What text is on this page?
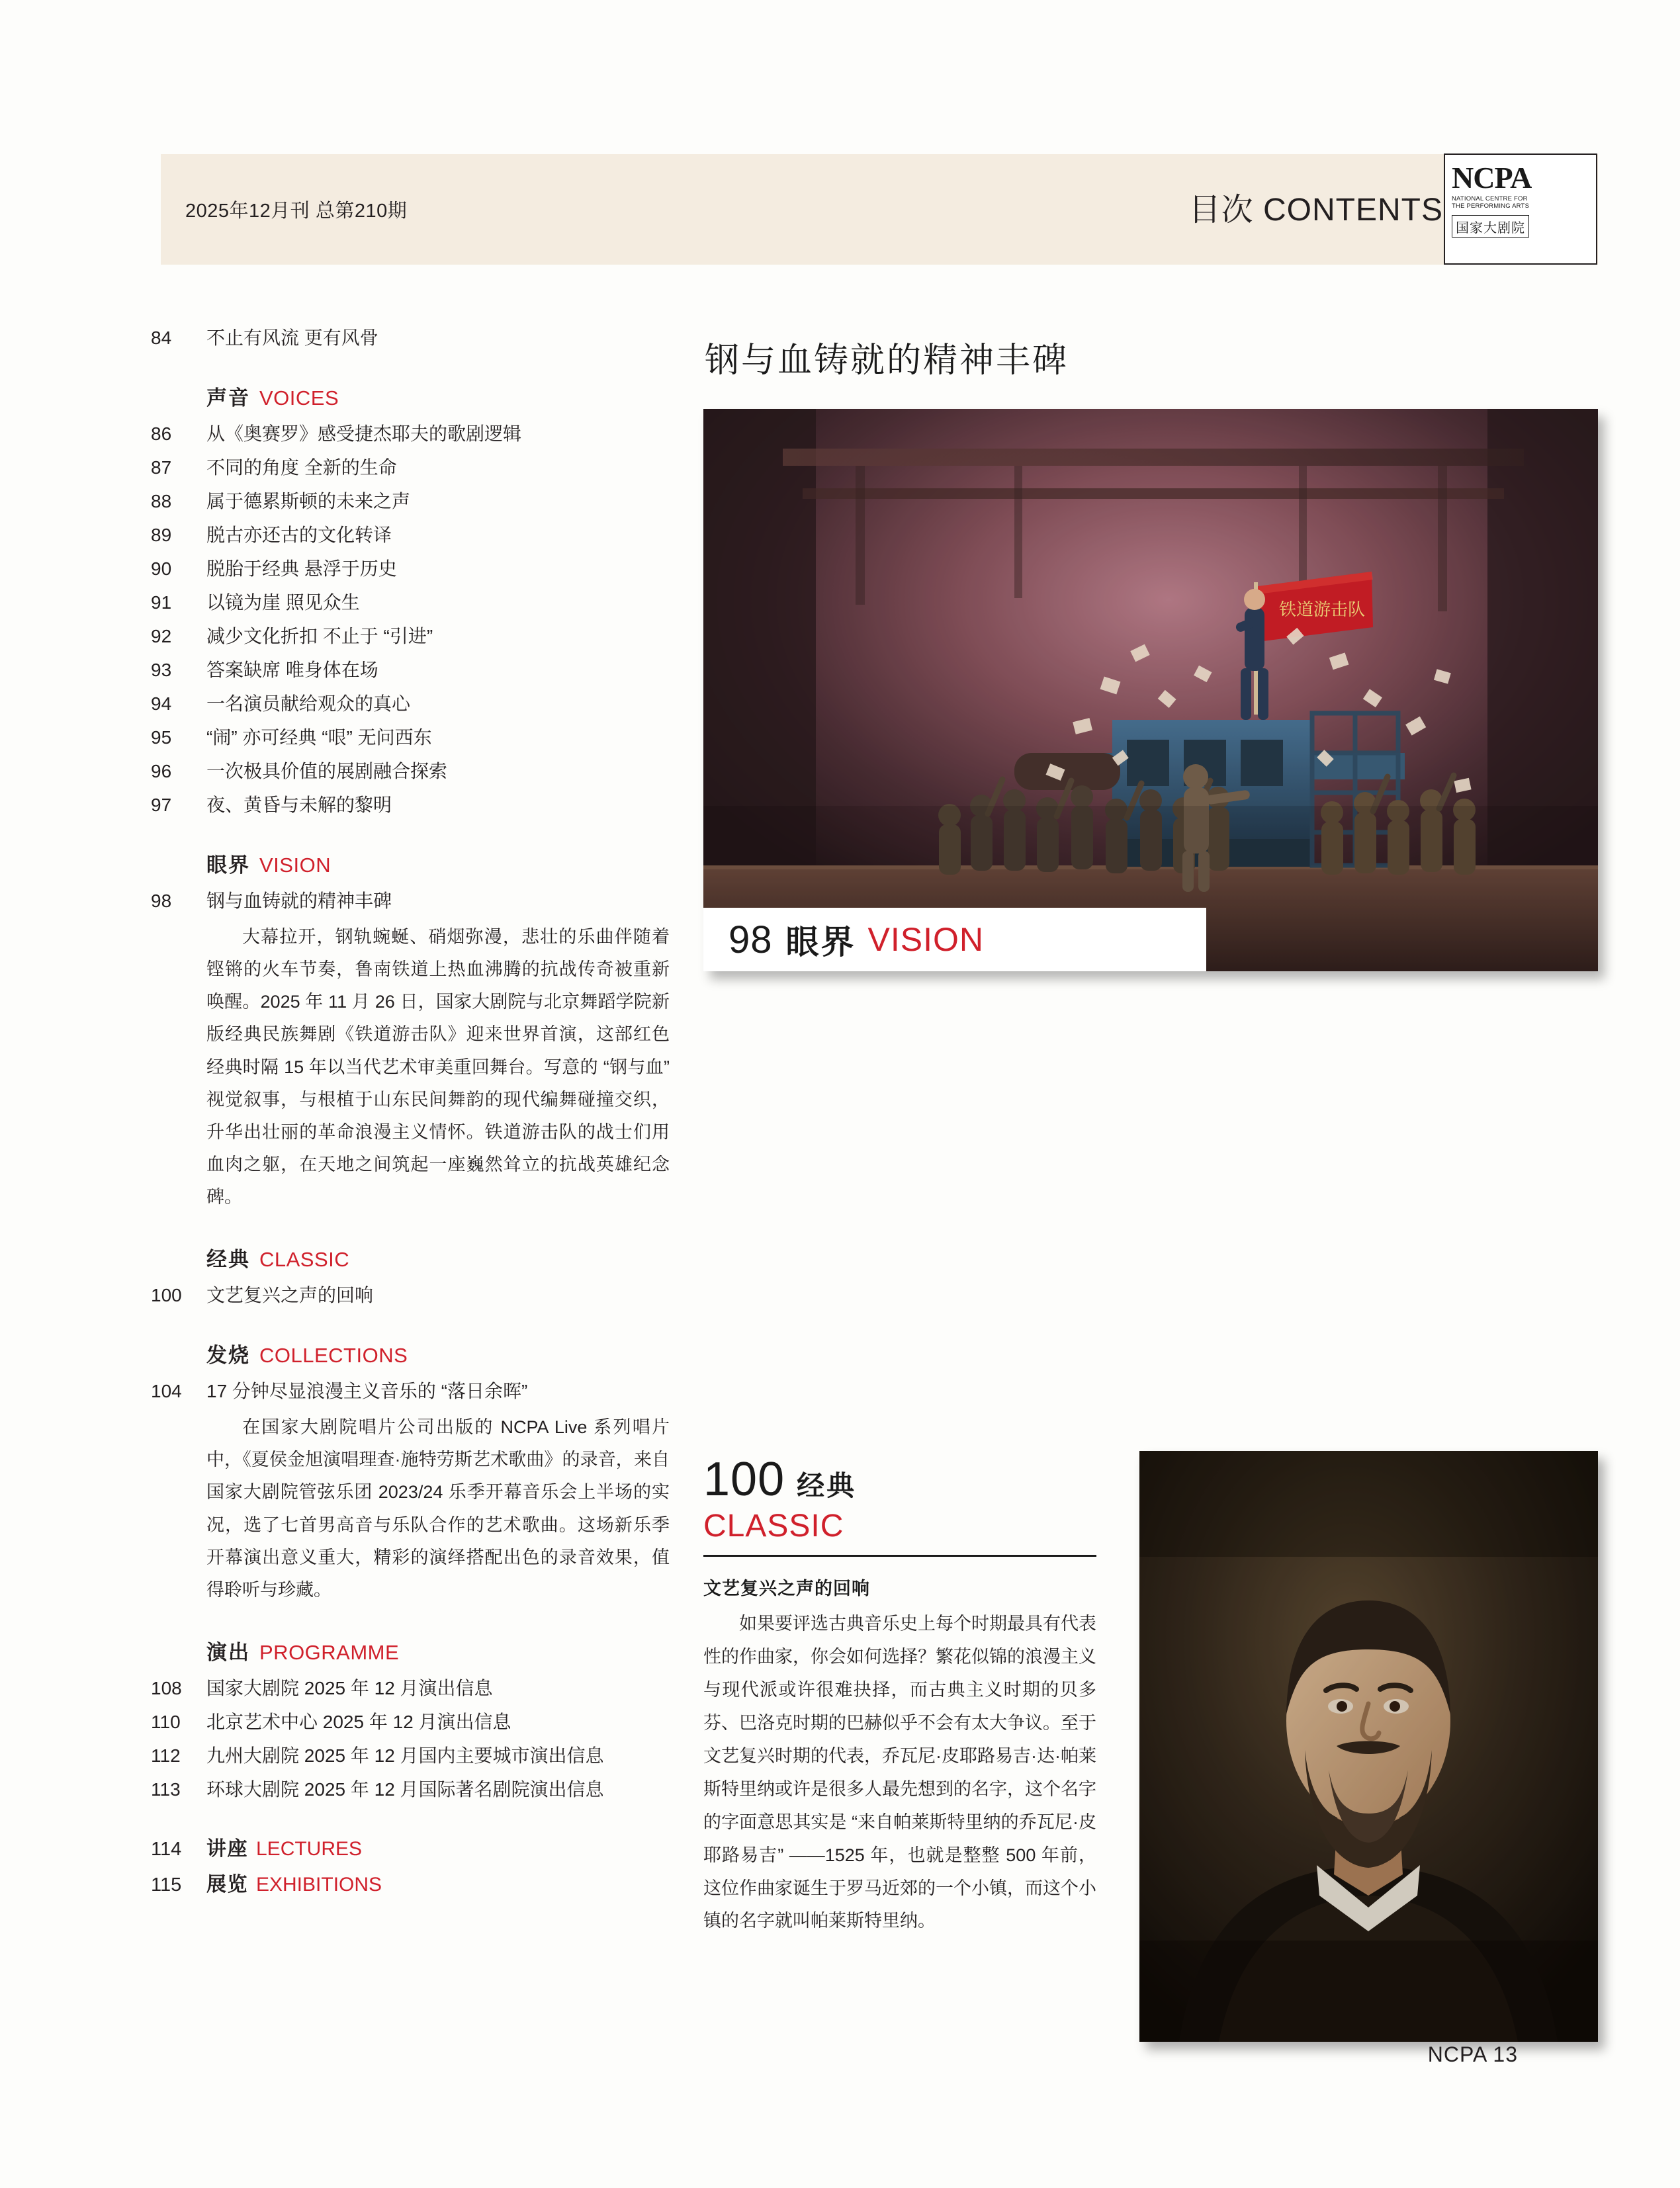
2025年12月刊 总第210期	目次 CONTENTS
NCPA
NATIONAL CENTRE FOR
THE PERFORMING ARTS
国家大剧院
84	不止有风流 更有风骨
声音 VOICES
86	从《奥赛罗》感受捷杰耶夫的歌剧逻辑
87	不同的角度 全新的生命
88	属于德累斯顿的未来之声
89	脱古亦还古的文化转译
90	脱胎于经典 悬浮于历史
91	以镜为崖 照见众生
92	减少文化折扣 不止于 “引进”
93	答案缺席 唯身体在场
94	一名演员献给观众的真心
95	“闹” 亦可经典 “哏” 无问西东
96	一次极具价值的展剧融合探索
97	夜、黄昏与未解的黎明
眼界 VISION
98	钢与血铸就的精神丰碑
大幕拉开，钢轨蜿蜒、硝烟弥漫，悲壮的乐曲伴随着铿锵的火车节奏，鲁南铁道上热血沸腾的抗战传奇被重新唤醒。2025 年 11 月 26 日，国家大剧院与北京舞蹈学院新版经典民族舞剧《铁道游击队》迎来世界首演，这部红色经典时隔 15 年以当代艺术审美重回舞台。写意的 “钢与血” 视觉叙事，与根植于山东民间舞韵的现代编舞碰撞交织，升华出壮丽的革命浪漫主义情怀。铁道游击队的战士们用血肉之躯，在天地之间筑起一座巍然耸立的抗战英雄纪念碑。
经典 CLASSIC
100	文艺复兴之声的回响
发烧 COLLECTIONS
104	17 分钟尽显浪漫主义音乐的 “落日余晖”
在国家大剧院唱片公司出版的 NCPA Live 系列唱片中，《夏侯金旭演唱理查·施特劳斯艺术歌曲》的录音，来自国家大剧院管弦乐团 2023/24 乐季开幕音乐会上半场的实况，选了七首男高音与乐队合作的艺术歌曲。这场新乐季开幕演出意义重大，精彩的演绎搭配出色的录音效果，值得聆听与珍藏。
演出 PROGRAMME
108	国家大剧院 2025 年 12 月演出信息
110	北京艺术中心 2025 年 12 月演出信息
112	九州大剧院 2025 年 12 月国内主要城市演出信息
113	环球大剧院 2025 年 12 月国际著名剧院演出信息
114	讲座 LECTURES
115	展览 EXHIBITIONS
钢与血铸就的精神丰碑
铁道游击队
98 眼界 VISION
100 经典
CLASSIC
文艺复兴之声的回响
如果要评选古典音乐史上每个时期最具有代表性的作曲家，你会如何选择？繁花似锦的浪漫主义与现代派或许很难抉择，而古典主义时期的贝多芬、巴洛克时期的巴赫似乎不会有太大争议。至于文艺复兴时期的代表，乔瓦尼·皮耶路易吉·达·帕莱斯特里纳或许是很多人最先想到的名字，这个名字的字面意思其实是 “来自帕莱斯特里纳的乔瓦尼·皮耶路易吉” ——1525 年，也就是整整 500 年前，这位作曲家诞生于罗马近郊的一个小镇，而这个小镇的名字就叫帕莱斯特里纳。
NCPA 13
